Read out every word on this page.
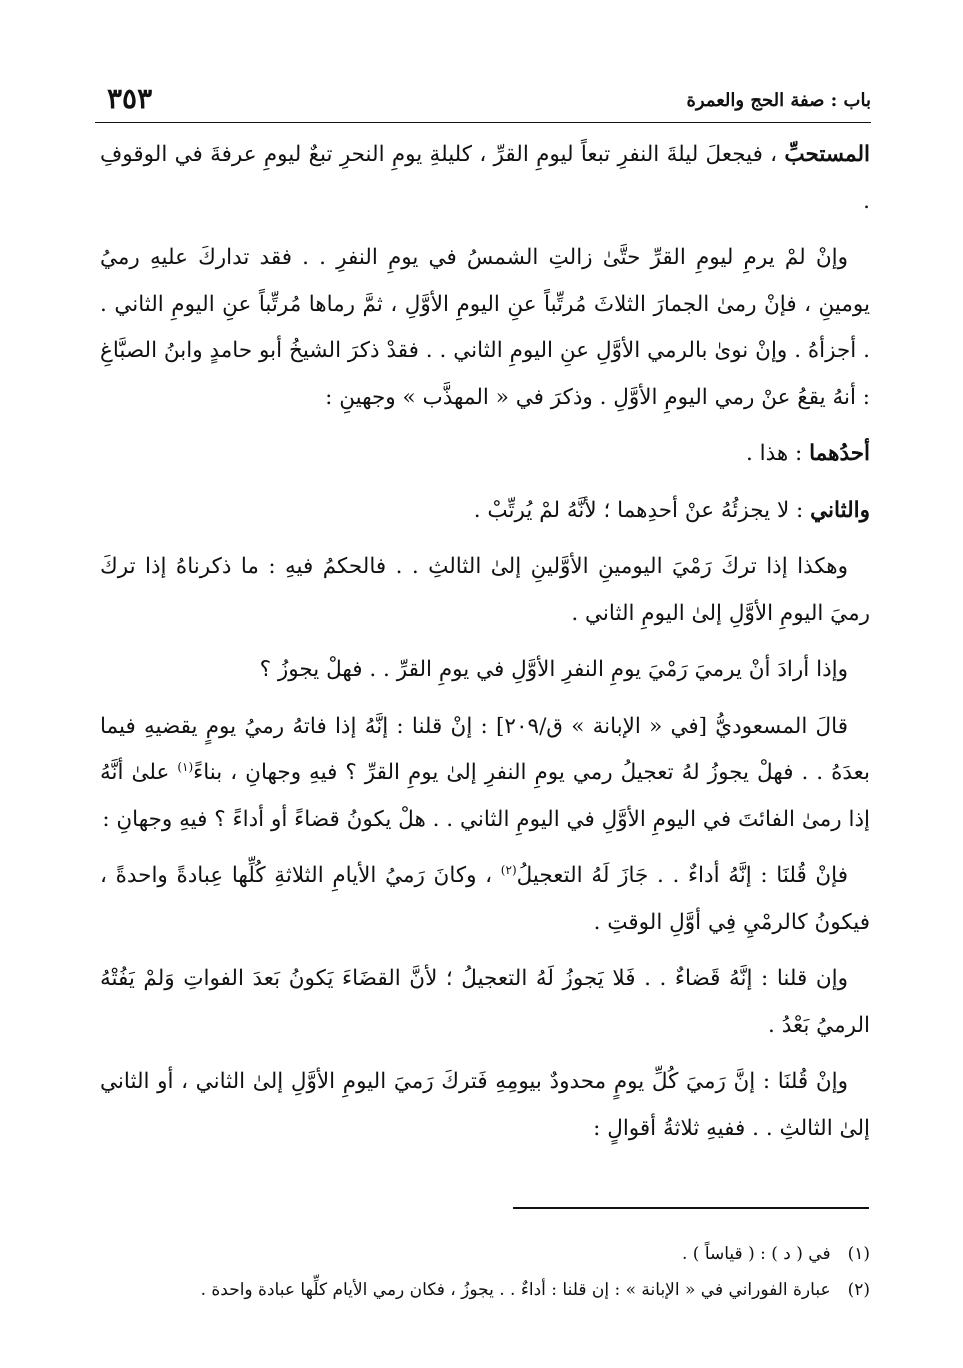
باب : صفة الحج والعمرة
٣٥٣

المستحبِّ ، فيجعلَ ليلةَ النفرِ تبعاً ليومِ القرِّ ، كليلةِ يومِ النحرِ تبعٌ ليومِ عرفةَ في الوقوفِ .

وإنْ لمْ يرمِ ليومِ القرِّ حتَّىٰ زالتِ الشمسُ في يومِ النفرِ . . فقد تداركَ عليهِ رميُ يومينِ ، فإنْ رمىٰ الجمارَ الثلاثَ مُرتِّباً عنِ اليومِ الأوَّلِ ، ثمَّ رماها مُرتِّباً عنِ اليومِ الثاني . . أجزأهُ . وإنْ نوىٰ بالرمي الأوَّلِ عنِ اليومِ الثاني . . فقدْ ذكرَ الشيخُ أبو حامدٍ وابنُ الصبَّاغِ : أنهُ يقعُ عنْ رمي اليومِ الأوَّلِ . وذكرَ في « المهذَّب » وجهينِ :

أحدُهما : هذا .

والثاني : لا يجزئُهُ عنْ أحدِهما ؛ لأنَّهُ لمْ يُرتِّبْ .

وهكذا إذا تركَ رَمْيَ اليومينِ الأوَّلينِ إلىٰ الثالثِ . . فالحكمُ فيهِ : ما ذكرناهُ إذا تركَ رميَ اليومِ الأوَّلِ إلىٰ اليومِ الثاني .

وإذا أرادَ أنْ يرميَ رَمْيَ يومِ النفرِ الأوَّلِ في يومِ القرِّ . . فهلْ يجوزُ ؟

قالَ المسعوديُّ [في « الإبانة » ق/٢٠٩] : إنْ قلنا : إنَّهُ إذا فاتهُ رميُ يومٍ يقضيهِ فيما بعدَهُ . . فهلْ يجوزُ لهُ تعجيلُ رمي يومِ النفرِ إلىٰ يومِ القرِّ ؟ فيهِ وجهانِ ، بناءً$^{(١)}$ علىٰ أنَّهُ إذا رمىٰ الفائتَ في اليومِ الأوَّلِ في اليومِ الثاني . . هلْ يكونُ قضاءً أو أداءً ؟ فيهِ وجهانِ :

فإنْ قُلنَا : إنَّهُ أداءٌ . . جَازَ لَهُ التعجيلُ$^{(٢)}$ ، وكانَ رَميُ الأيامِ الثلاثةِ كُلِّها عِبادةً واحدةً ، فيكونُ كالرمْيِ فِي أوَّلِ الوقتِ .

وإن قلنا : إنَّهُ قَضاءٌ . . فَلا يَجوزُ لَهُ التعجيلُ ؛ لأنَّ القضَاءَ يَكونُ بَعدَ الفواتِ وَلمْ يَفُتْهُ الرميُ بَعْدُ .

وإنْ قُلنَا : إنَّ رَميَ كُلِّ يومٍ محدودٌ بيومِهِ فَتركَ رَميَ اليومِ الأوَّلِ إلىٰ الثاني ، أو الثاني إلىٰ الثالثِ . . ففيهِ ثلاثةُ أقوالٍ :

(١) في ( د ) : ( قياساً ) .
(٢) عبارة الفوراني في « الإبانة » : إن قلنا : أداءٌ . . يجوزُ ، فكان رمي الأيام كلِّها عبادة واحدة .
